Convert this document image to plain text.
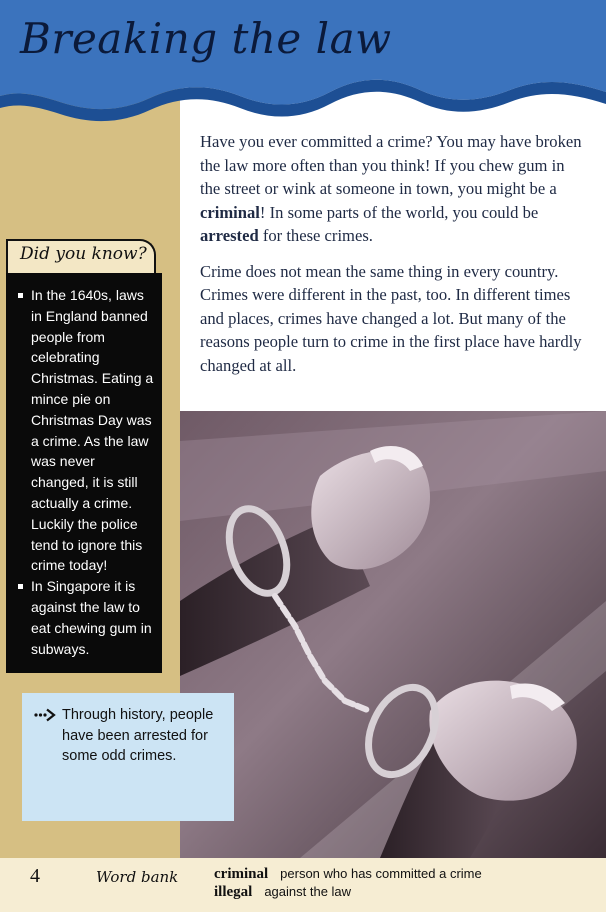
Breaking the law

Have you ever committed a crime? You may have broken the law more often than you think! If you chew gum in the street or wink at someone in town, you might be a criminal! In some parts of the world, you could be arrested for these crimes.

Crime does not mean the same thing in every country. Crimes were different in the past, too. In different times and places, crimes have changed a lot. But many of the reasons people turn to crime in the first place have hardly changed at all.

Did you know?
In the 1640s, laws in England banned people from celebrating Christmas. Eating a mince pie on Christmas Day was a crime. As the law was never changed, it is still actually a crime. Luckily the police tend to ignore this crime today!
In Singapore it is against the law to eat chewing gum in subways.
Through history, people have been arrested for some odd crimes.
4	Word bank criminal person who has committed a crime
illegal against the law
